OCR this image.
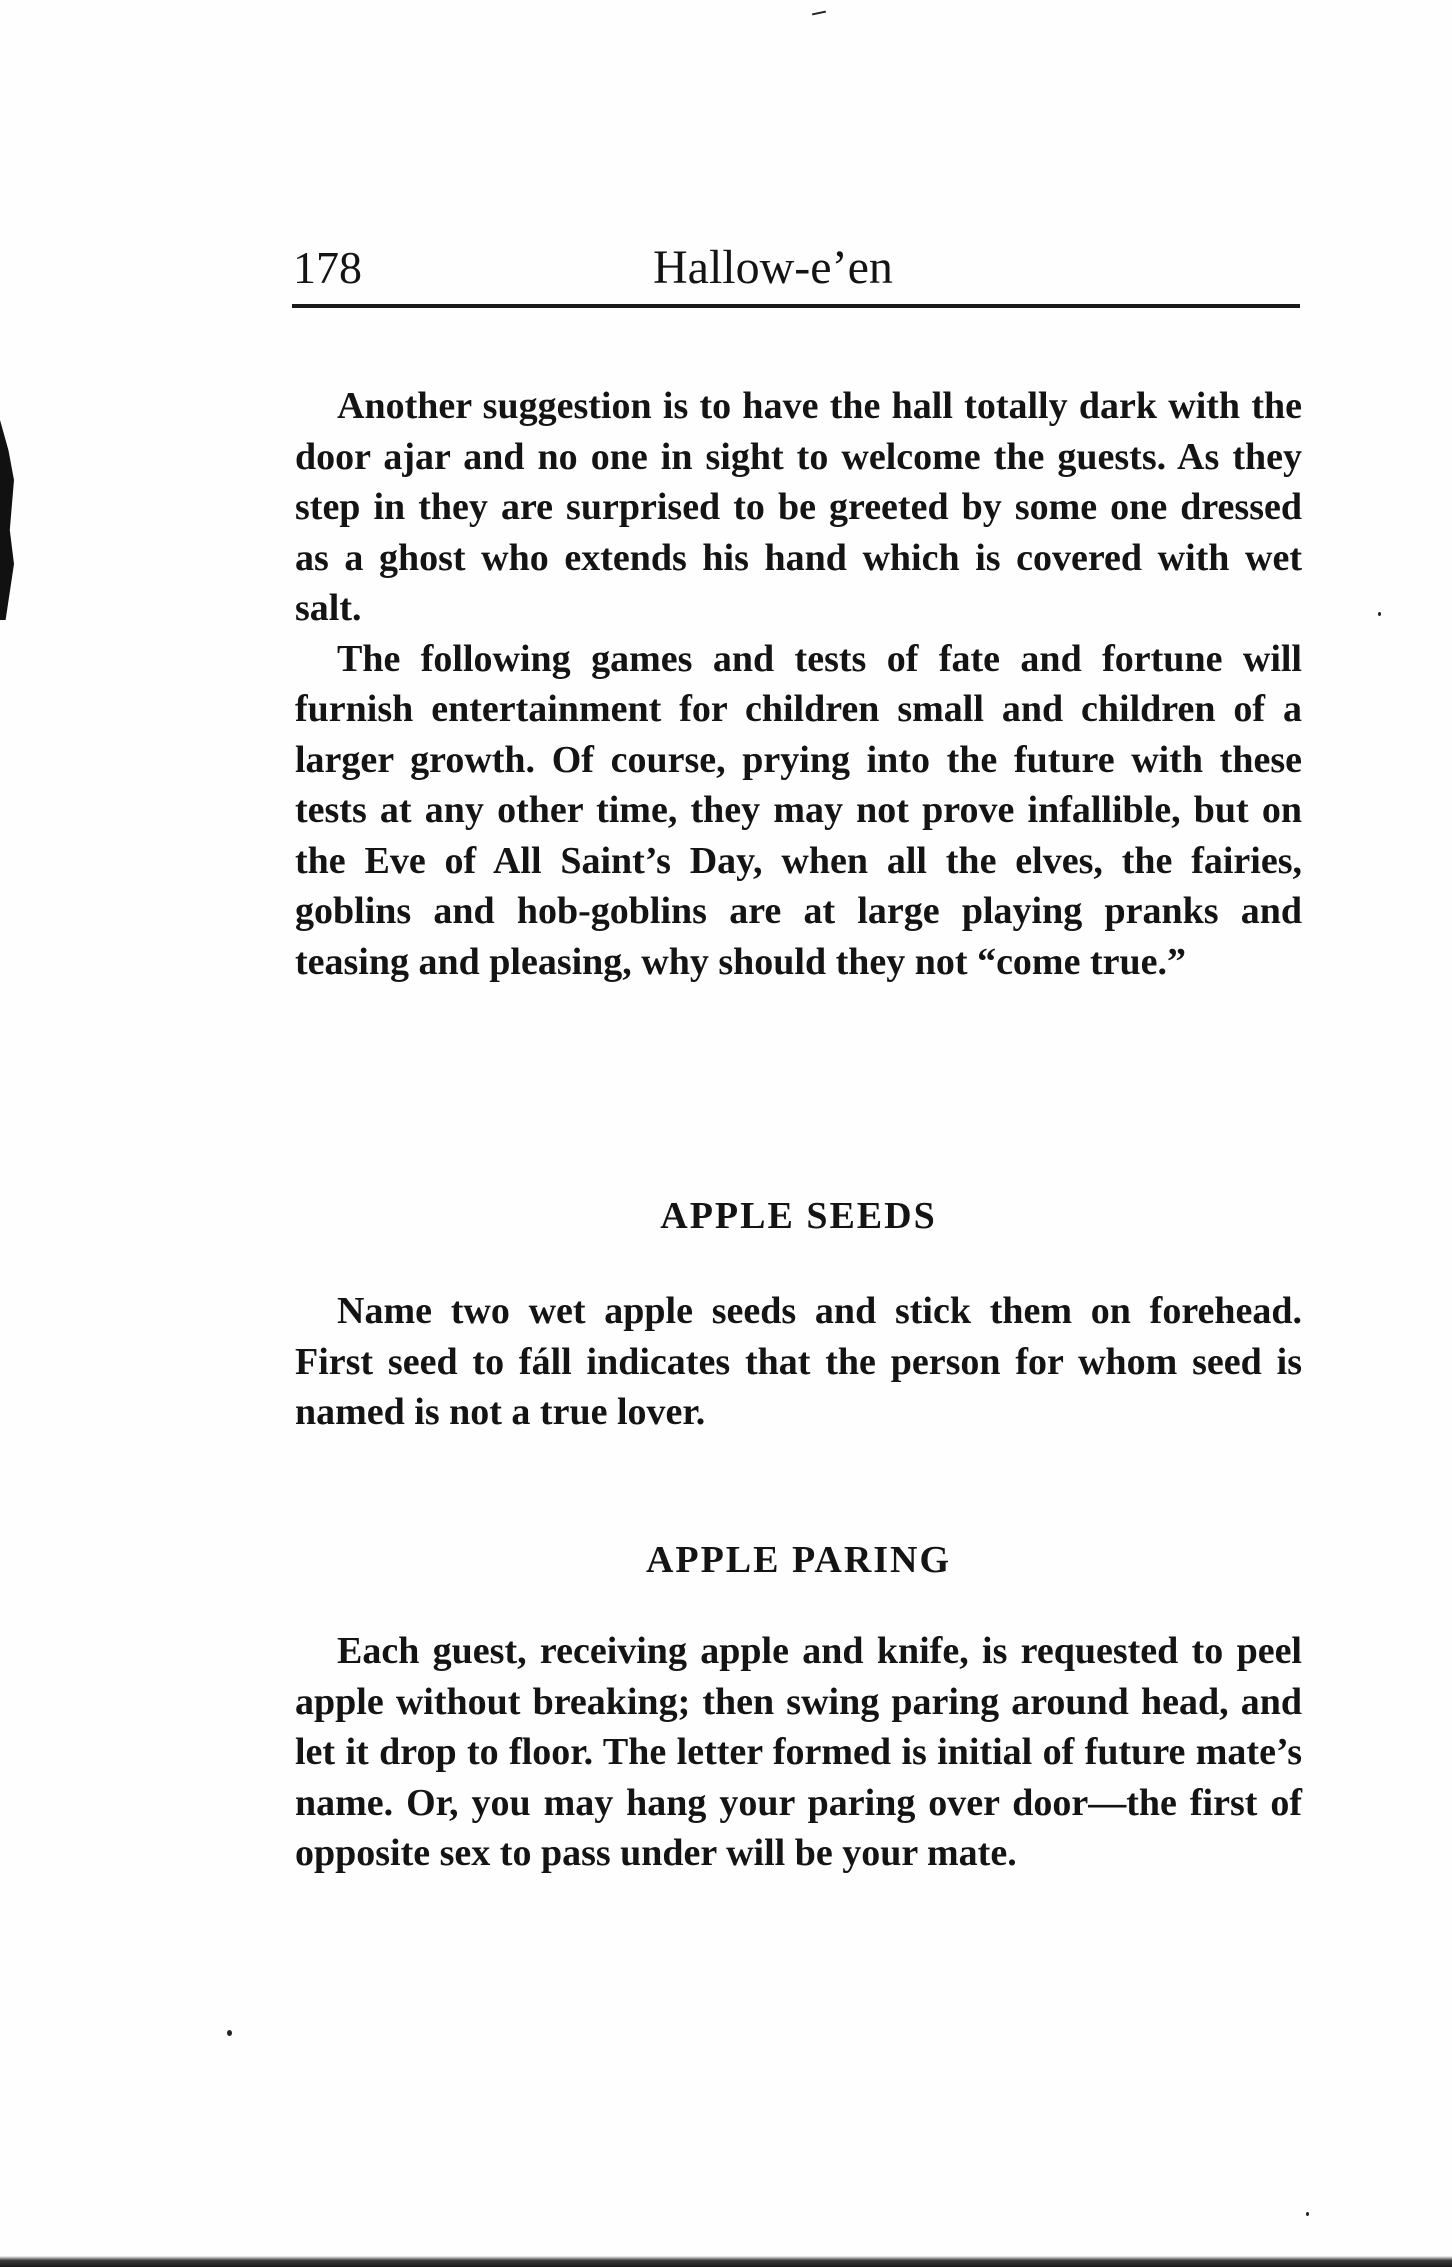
178	Hallow-e’en

Another suggestion is to have the hall totally dark with the door ajar and no one in sight to welcome the guests. As they step in they are surprised to be greeted by some one dressed as a ghost who extends his hand which is covered with wet salt.

The following games and tests of fate and fortune will furnish entertainment for children small and children of a larger growth. Of course, prying into the future with these tests at any other time, they may not prove infallible, but on the Eve of All Saint’s Day, when all the elves, the fairies, goblins and hob-goblins are at large playing pranks and teasing and pleasing, why should they not “come true.”

APPLE SEEDS

Name two wet apple seeds and stick them on forehead. First seed to fáll indicates that the person for whom seed is named is not a true lover.

APPLE PARING

Each guest, receiving apple and knife, is requested to peel apple without breaking; then swing paring around head, and let it drop to floor. The letter formed is initial of future mate’s name. Or, you may hang your paring over door—the first of opposite sex to pass under will be your mate.
